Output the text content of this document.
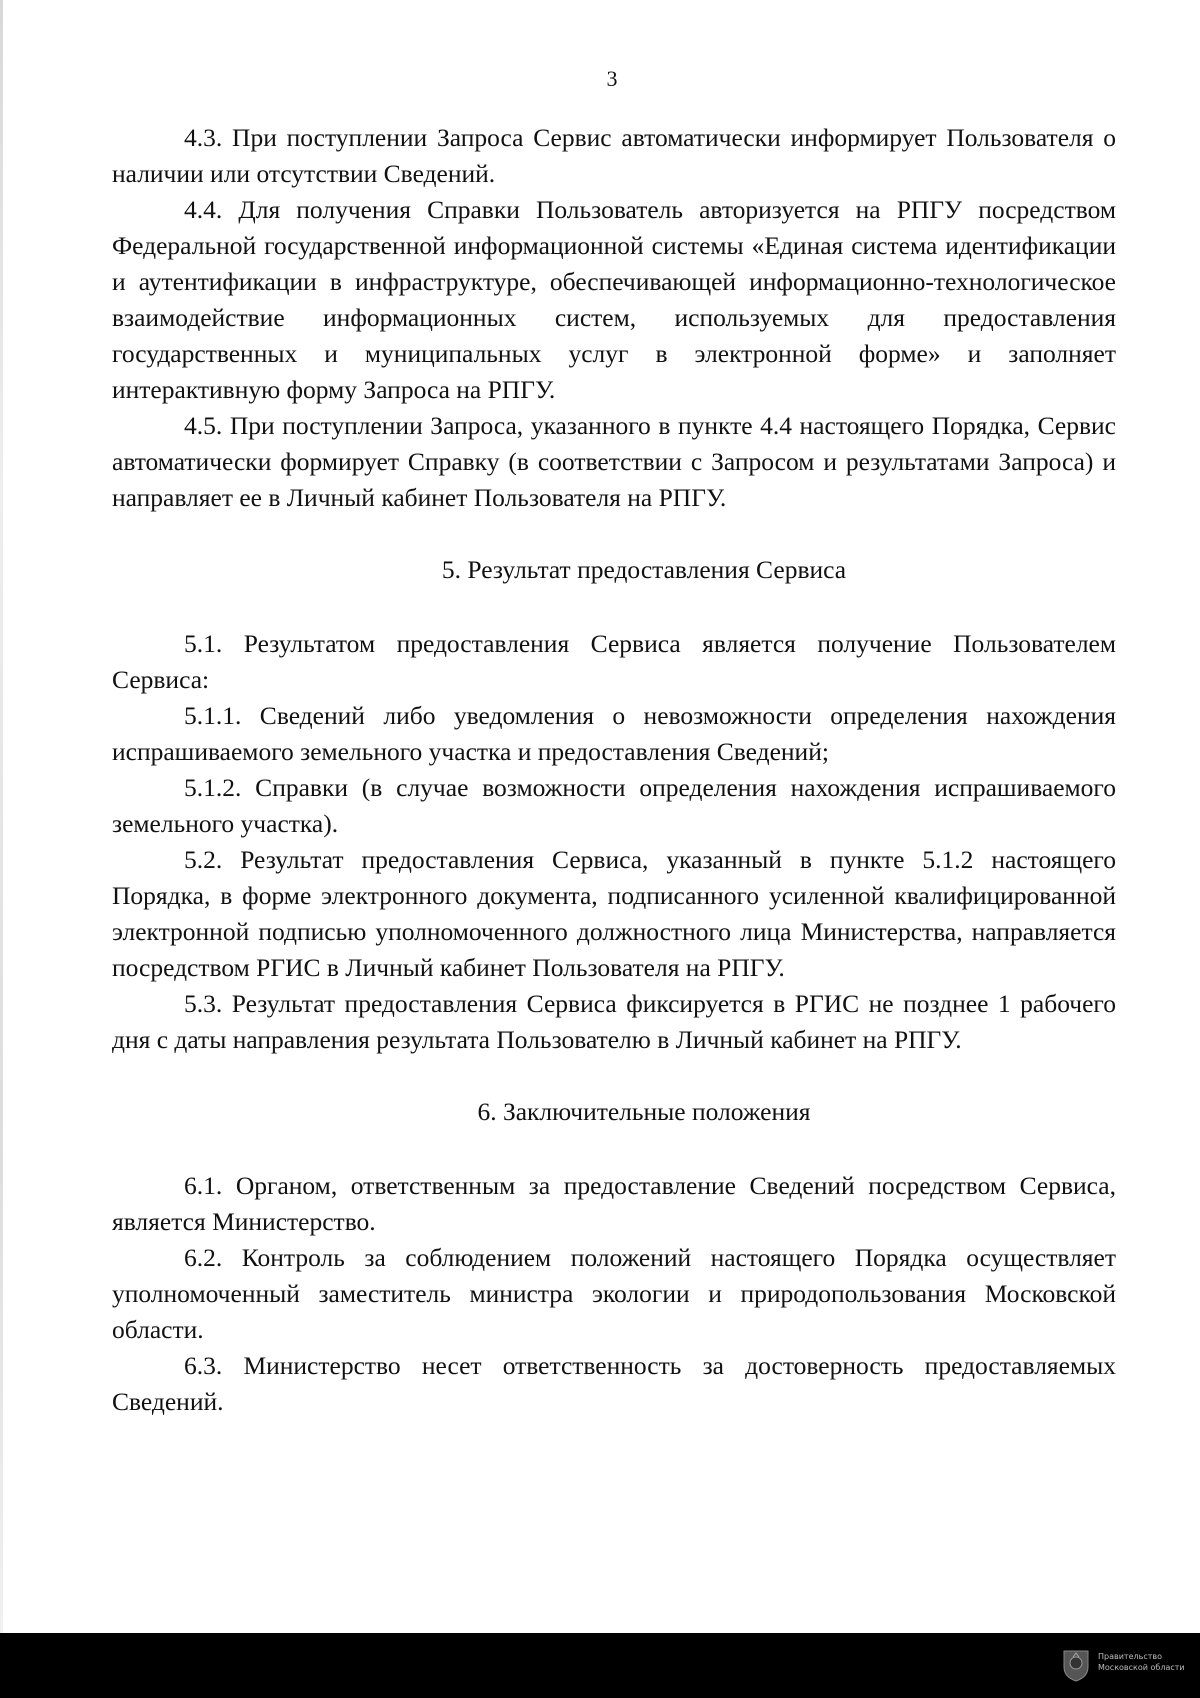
3

4.3. При поступлении Запроса Сервис автоматически информирует Пользователя о наличии или отсутствии Сведений.

4.4. Для получения Справки Пользователь авторизуется на РПГУ посредством Федеральной государственной информационной системы «Единая система идентификации и аутентификации в инфраструктуре, обеспечивающей информационно-технологическое взаимодействие информационных систем, используемых для предоставления государственных и муниципальных услуг в электронной форме» и заполняет интерактивную форму Запроса на РПГУ.

4.5. При поступлении Запроса, указанного в пункте 4.4 настоящего Порядка, Сервис автоматически формирует Справку (в соответствии с Запросом и результатами Запроса) и направляет ее в Личный кабинет Пользователя на РПГУ.

5. Результат предоставления Сервиса

5.1. Результатом предоставления Сервиса является получение Пользователем Сервиса:

5.1.1. Сведений либо уведомления о невозможности определения нахождения испрашиваемого земельного участка и предоставления Сведений;

5.1.2. Справки (в случае возможности определения нахождения испрашиваемого земельного участка).

5.2. Результат предоставления Сервиса, указанный в пункте 5.1.2 настоящего Порядка, в форме электронного документа, подписанного усиленной квалифицированной электронной подписью уполномоченного должностного лица Министерства, направляется посредством РГИС в Личный кабинет Пользователя на РПГУ.

5.3. Результат предоставления Сервиса фиксируется в РГИС не позднее 1 рабочего дня с даты направления результата Пользователю в Личный кабинет на РПГУ.

6. Заключительные положения

6.1. Органом, ответственным за предоставление Сведений посредством Сервиса, является Министерство.

6.2. Контроль за соблюдением положений настоящего Порядка осуществляет уполномоченный заместитель министра экологии и природопользования Московской области.

6.3. Министерство несет ответственность за достоверность предоставляемых Сведений.

Правительство
Московской области
